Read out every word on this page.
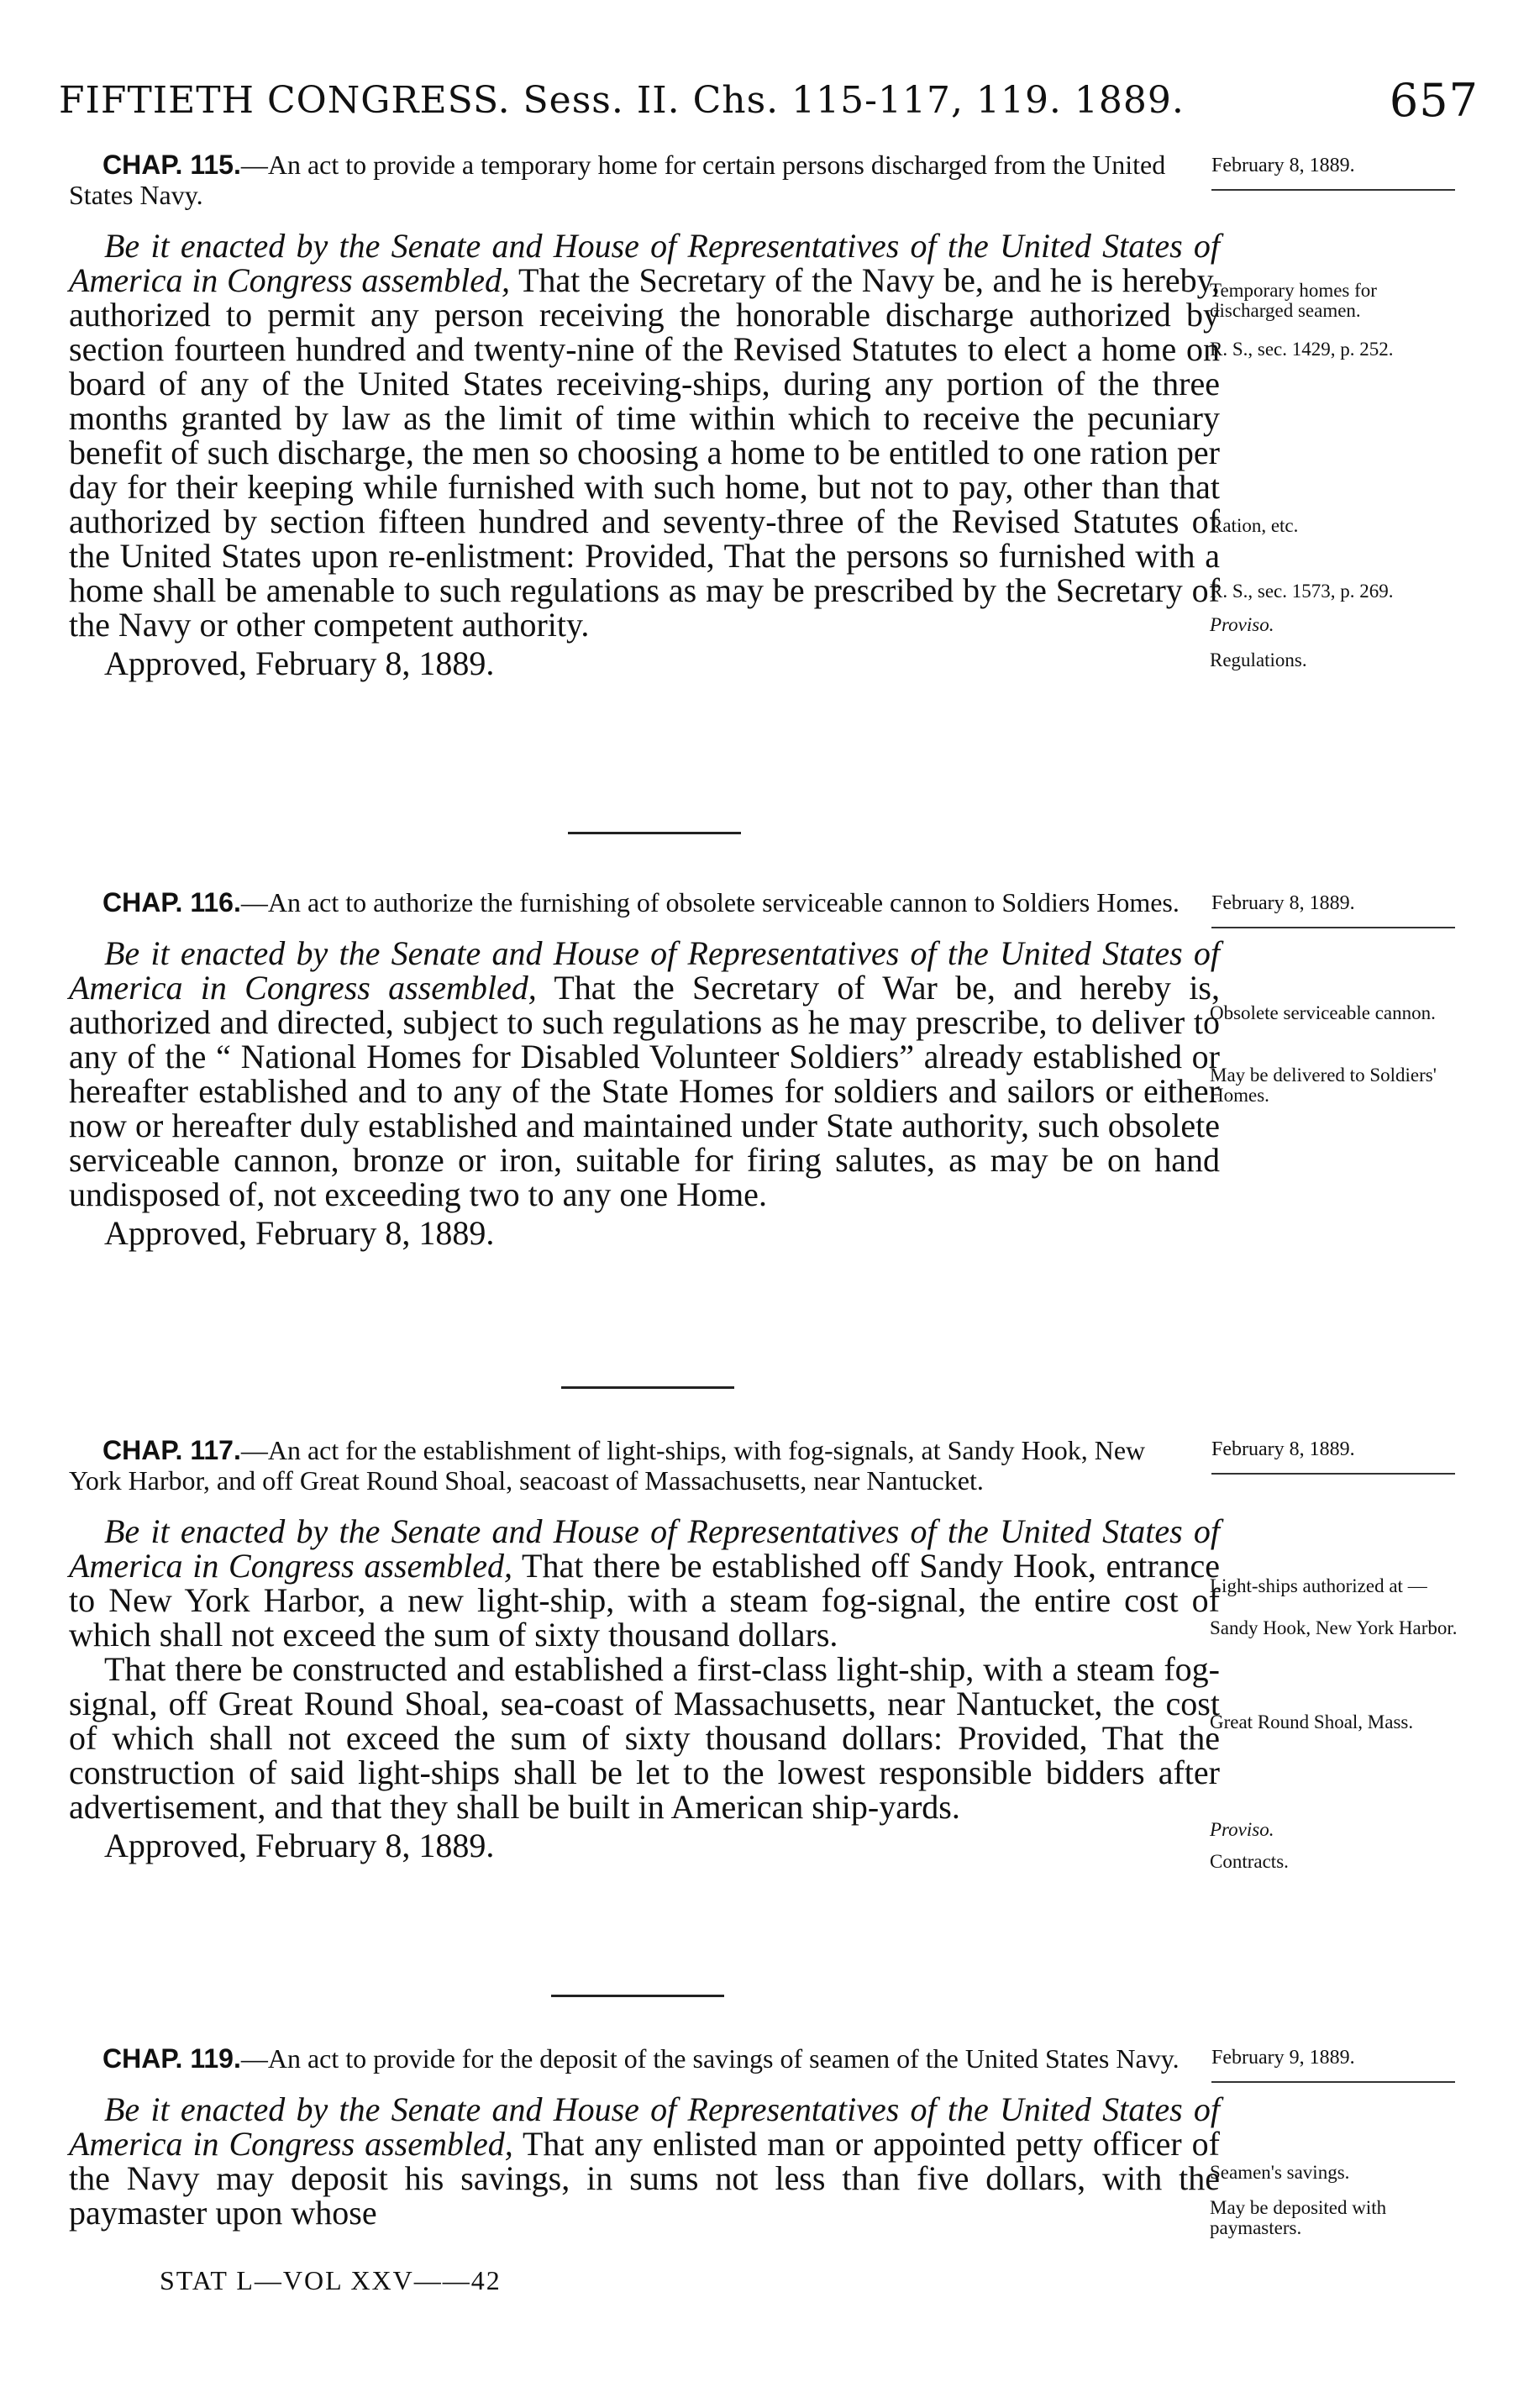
FIFTIETH CONGRESS. Sess. II. Chs. 115-117, 119. 1889.	657
CHAP. 115.—An act to provide a temporary home for certain persons discharged from the United States Navy.

Be it enacted by the Senate and House of Representatives of the United States of America in Congress assembled, That the Secretary of the Navy be, and he is hereby, authorized to permit any person receiving the honorable discharge authorized by section fourteen hundred and twenty-nine of the Revised Statutes to elect a home on board of any of the United States receiving-ships, during any portion of the three months granted by law as the limit of time within which to receive the pecuniary benefit of such discharge, the men so choosing a home to be entitled to one ration per day for their keeping while furnished with such home, but not to pay, other than that authorized by section fifteen hundred and seventy-three of the Revised Statutes of the United States upon re-enlistment: Provided, That the persons so furnished with a home shall be amenable to such regulations as may be prescribed by the Secretary of the Navy or other competent authority.

Approved, February 8, 1889.
February 8, 1889.
Temporary homes for discharged seamen.
R. S., sec. 1429, p. 252.
Ration, etc.
R. S., sec. 1573, p. 269.
Proviso.
Regulations.
CHAP. 116.—An act to authorize the furnishing of obsolete serviceable cannon to Soldiers Homes.

Be it enacted by the Senate and House of Representatives of the United States of America in Congress assembled, That the Secretary of War be, and hereby is, authorized and directed, subject to such regulations as he may prescribe, to deliver to any of the “ National Homes for Disabled Volunteer Soldiers” already established or hereafter established and to any of the State Homes for soldiers and sailors or either now or hereafter duly established and maintained under State authority, such obsolete serviceable cannon, bronze or iron, suitable for firing salutes, as may be on hand undisposed of, not exceeding two to any one Home.

Approved, February 8, 1889.
February 8, 1889.
Obsolete serviceable cannon.
May be delivered to Soldiers' Homes.
CHAP. 117.—An act for the establishment of light-ships, with fog-signals, at Sandy Hook, New York Harbor, and off Great Round Shoal, seacoast of Massachusetts, near Nantucket.

Be it enacted by the Senate and House of Representatives of the United States of America in Congress assembled, That there be established off Sandy Hook, entrance to New York Harbor, a new light-ship, with a steam fog-signal, the entire cost of which shall not exceed the sum of sixty thousand dollars.

That there be constructed and established a first-class light-ship, with a steam fog-signal, off Great Round Shoal, sea-coast of Massachusetts, near Nantucket, the cost of which shall not exceed the sum of sixty thousand dollars: Provided, That the construction of said light-ships shall be let to the lowest responsible bidders after advertisement, and that they shall be built in American ship-yards.

Approved, February 8, 1889.
February 8, 1889.
Light-ships authorized at —
Sandy Hook, New York Harbor.
Great Round Shoal, Mass.
Proviso.
Contracts.
CHAP. 119.—An act to provide for the deposit of the savings of seamen of the United States Navy.

Be it enacted by the Senate and House of Representatives of the United States of America in Congress assembled, That any enlisted man or appointed petty officer of the Navy may deposit his savings, in sums not less than five dollars, with the paymaster upon whose

February 9, 1889.
Seamen's savings.
May be deposited with paymasters.
STAT L—VOL XXV——42
